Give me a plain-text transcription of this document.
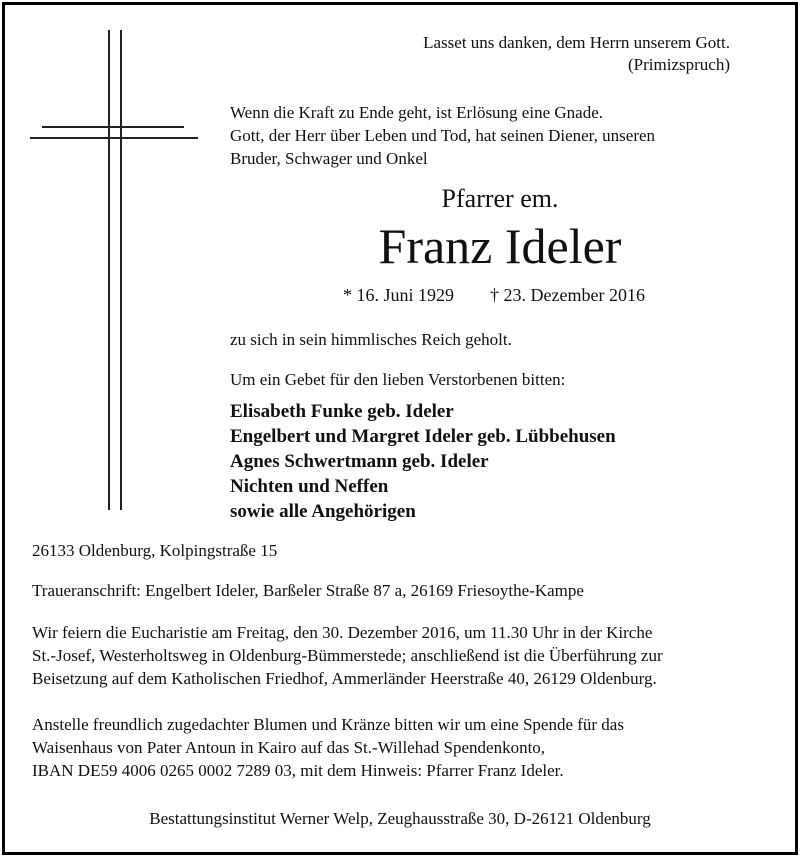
Lasset uns danken, dem Herrn unserem Gott.
(Primizspruch)
Wenn die Kraft zu Ende geht, ist Erlösung eine Gnade.
Gott, der Herr über Leben und Tod, hat seinen Diener, unseren
Bruder, Schwager und Onkel
Pfarrer em.
Franz Ideler
* 16. Juni 1929 † 23. Dezember 2016
zu sich in sein himmlisches Reich geholt.
Um ein Gebet für den lieben Verstorbenen bitten:
Elisabeth Funke geb. Ideler
Engelbert und Margret Ideler geb. Lübbehusen
Agnes Schwertmann geb. Ideler
Nichten und Neffen
sowie alle Angehörigen
26133 Oldenburg, Kolpingstraße 15
Traueranschrift: Engelbert Ideler, Barßeler Straße 87 a, 26169 Friesoythe-Kampe
Wir feiern die Eucharistie am Freitag, den 30. Dezember 2016, um 11.30 Uhr in der Kirche
St.-Josef, Westerholtsweg in Oldenburg-Bümmerstede; anschließend ist die Überführung zur
Beisetzung auf dem Katholischen Friedhof, Ammerländer Heerstraße 40, 26129 Oldenburg.
Anstelle freundlich zugedachter Blumen und Kränze bitten wir um eine Spende für das
Waisenhaus von Pater Antoun in Kairo auf das St.-Willehad Spendenkonto,
IBAN DE59 4006 0265 0002 7289 03, mit dem Hinweis: Pfarrer Franz Ideler.
Bestattungsinstitut Werner Welp, Zeughausstraße 30, D-26121 Oldenburg
